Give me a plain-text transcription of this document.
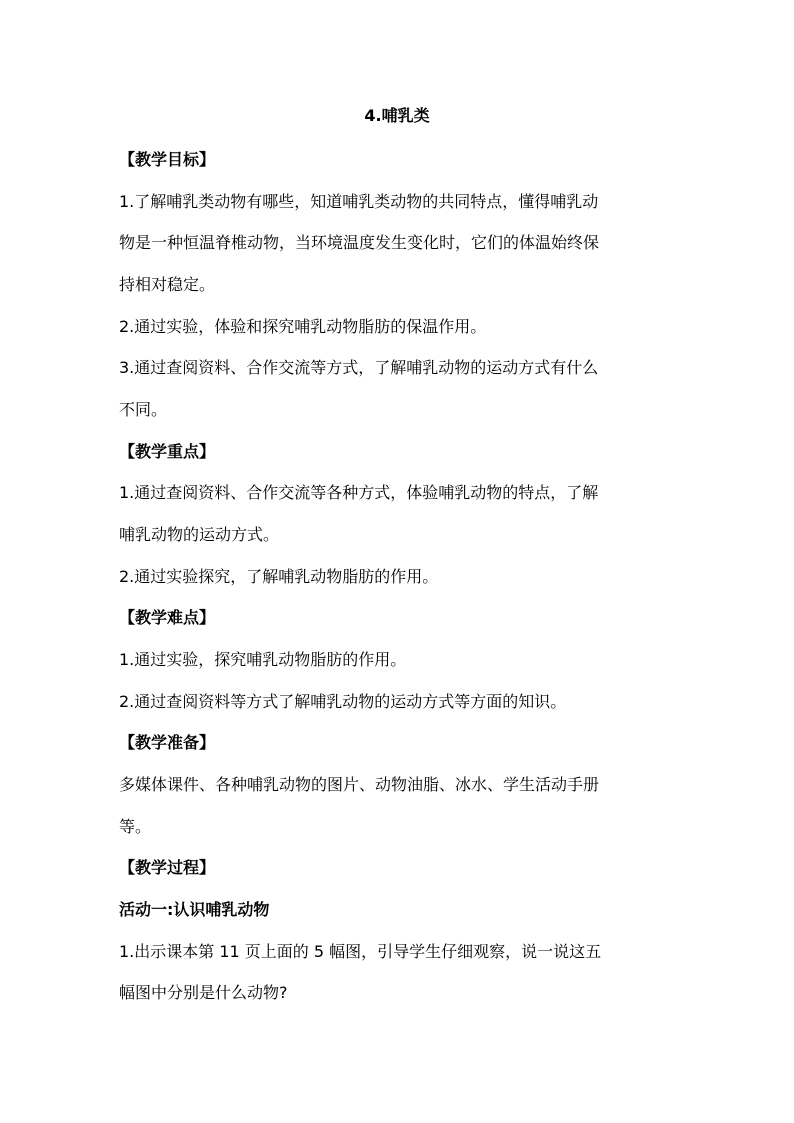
4.哺乳类
【教学目标】
1.了解哺乳类动物有哪些，知道哺乳类动物的共同特点，懂得哺乳动
物是一种恒温脊椎动物，当环境温度发生变化时，它们的体温始终保
持相对稳定。
2.通过实验，体验和探究哺乳动物脂肪的保温作用。
3.通过查阅资料、合作交流等方式，了解哺乳动物的运动方式有什么
不同。
【教学重点】
1.通过查阅资料、合作交流等各种方式，体验哺乳动物的特点，了解
哺乳动物的运动方式。
2.通过实验探究，了解哺乳动物脂肪的作用。
【教学难点】
1.通过实验，探究哺乳动物脂肪的作用。
2.通过查阅资料等方式了解哺乳动物的运动方式等方面的知识。
【教学准备】
多媒体课件、各种哺乳动物的图片、动物油脂、冰水、学生活动手册
等。
【教学过程】
活动一:认识哺乳动物
1.出示课本第 11 页上面的 5 幅图，引导学生仔细观察，说一说这五
幅图中分别是什么动物?
